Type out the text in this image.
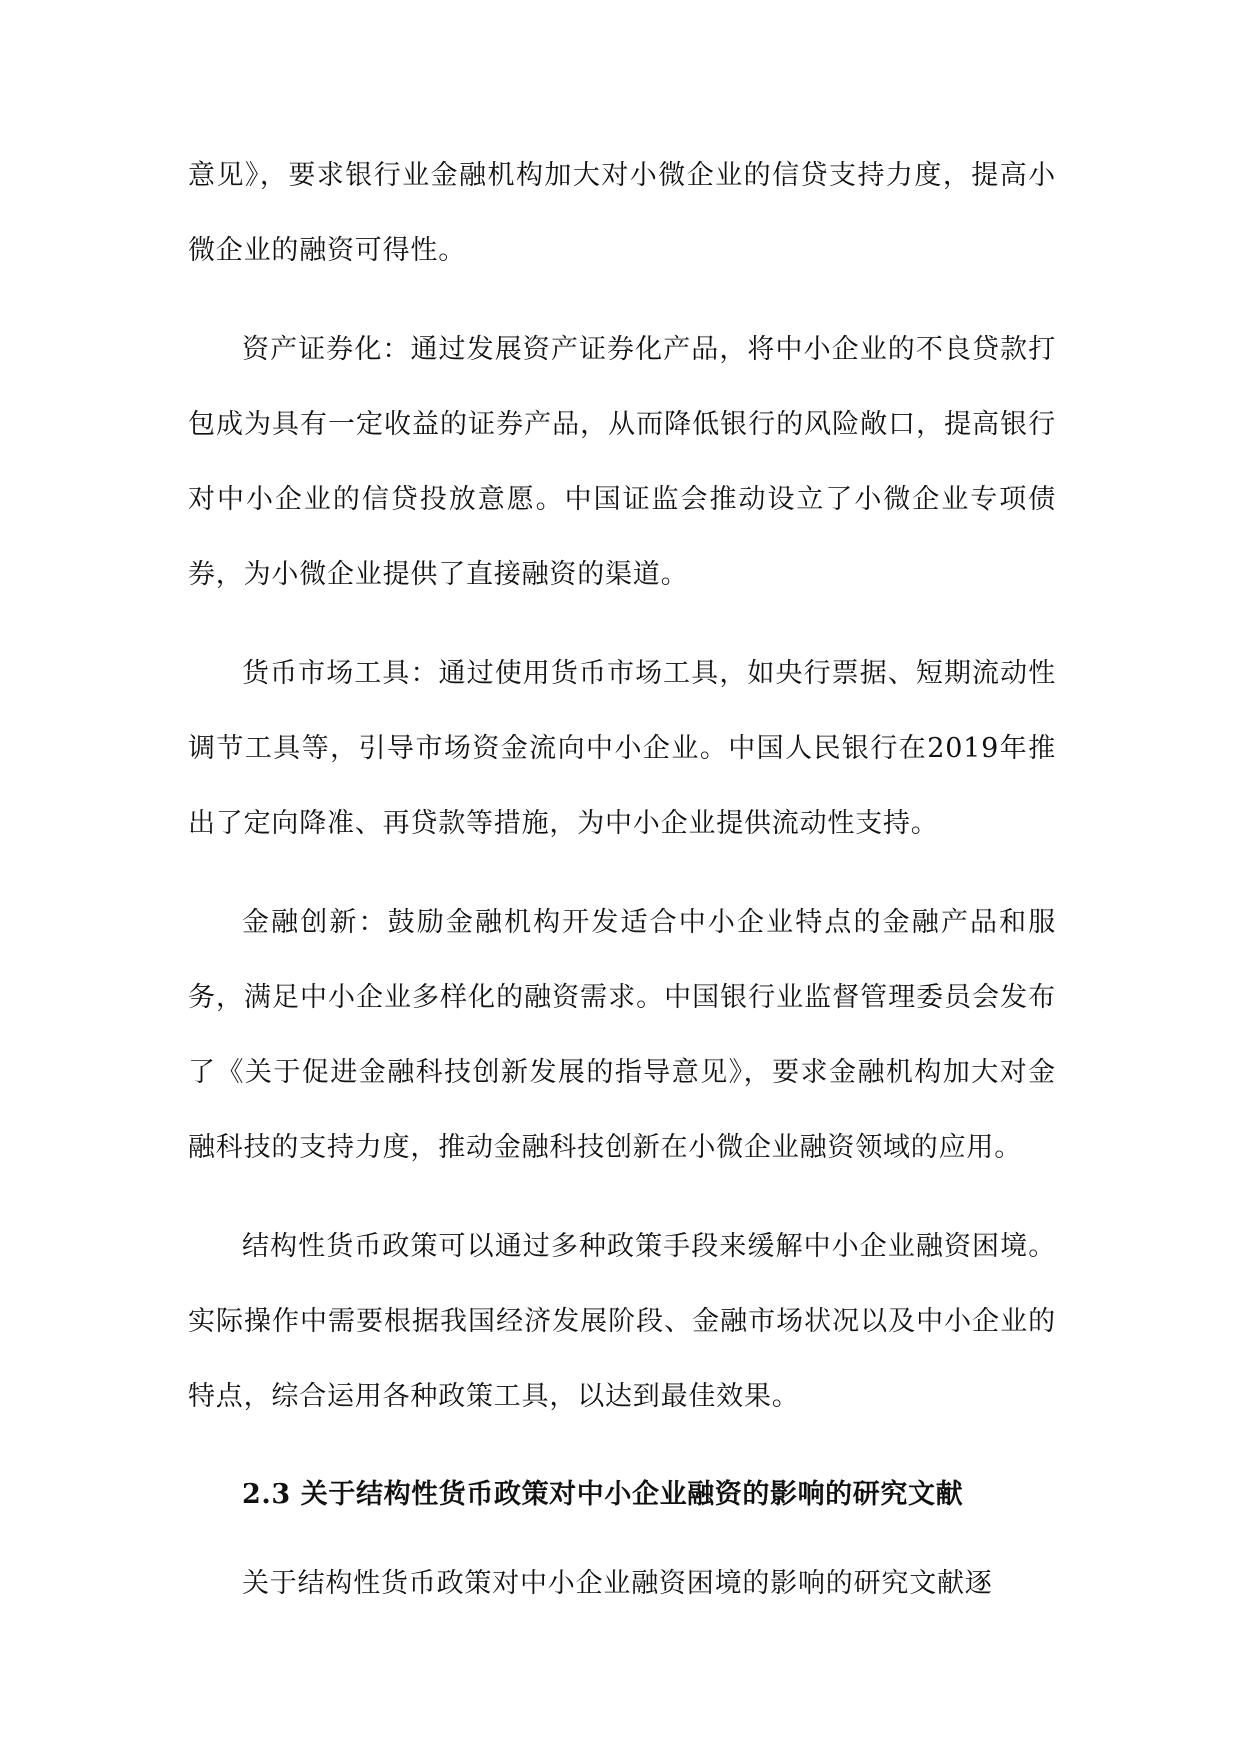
意见》，要求银行业金融机构加大对小微企业的信贷支持力度，提高小微企业的融资可得性。

资产证券化：通过发展资产证券化产品，将中小企业的不良贷款打包成为具有一定收益的证券产品，从而降低银行的风险敞口，提高银行对中小企业的信贷投放意愿。中国证监会推动设立了小微企业专项债券，为小微企业提供了直接融资的渠道。

货币市场工具：通过使用货币市场工具，如央行票据、短期流动性调节工具等，引导市场资金流向中小企业。中国人民银行在2019年推出了定向降准、再贷款等措施，为中小企业提供流动性支持。

金融创新：鼓励金融机构开发适合中小企业特点的金融产品和服务，满足中小企业多样化的融资需求。中国银行业监督管理委员会发布了《关于促进金融科技创新发展的指导意见》，要求金融机构加大对金融科技的支持力度，推动金融科技创新在小微企业融资领域的应用。

结构性货币政策可以通过多种政策手段来缓解中小企业融资困境。实际操作中需要根据我国经济发展阶段、金融市场状况以及中小企业的特点，综合运用各种政策工具，以达到最佳效果。

2.3 关于结构性货币政策对中小企业融资的影响的研究文献

关于结构性货币政策对中小企业融资困境的影响的研究文献逐
